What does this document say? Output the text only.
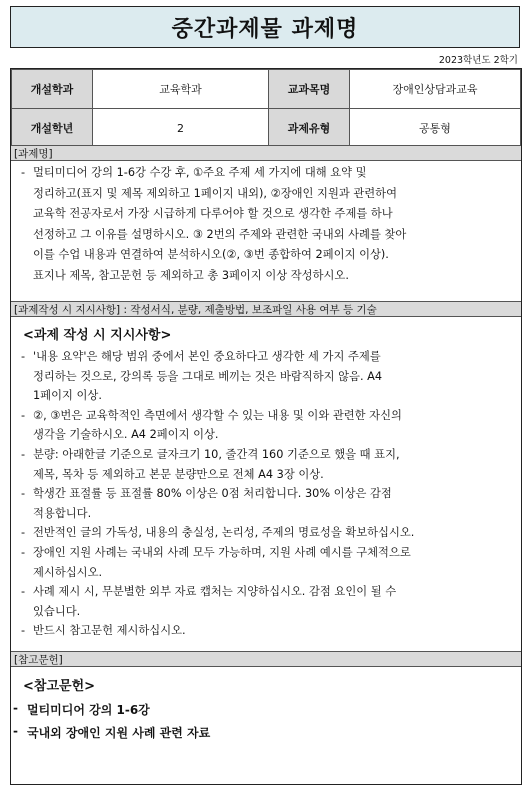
중간과제물 과제명
2023학년도 2학기
개설학과	교육학과	교과목명	장애인상담과교육
개설학년	2	과제유형	공통형
[과제명]
- 멀티미디어 강의 1-6강 수강 후, ①주요 주제 세 가지에 대해 요약 및
정리하고(표지 및 제목 제외하고 1페이지 내외), ②장애인 지원과 관련하여
교육학 전공자로서 가장 시급하게 다루어야 할 것으로 생각한 주제를 하나
선정하고 그 이유를 설명하시오. ③ 2번의 주제와 관련한 국내외 사례를 찾아
이를 수업 내용과 연결하여 분석하시오(②, ③번 종합하여 2페이지 이상).
표지나 제목, 참고문헌 등 제외하고 총 3페이지 이상 작성하시오.
[과제작성 시 지시사항] : 작성서식, 분량, 제출방법, 보조파일 사용 여부 등 기술
<과제 작성 시 지시사항>
- '내용 요약'은 해당 범위 중에서 본인 중요하다고 생각한 세 가지 주제를
정리하는 것으로, 강의록 등을 그대로 베끼는 것은 바람직하지 않음. A4
1페이지 이상.
- ②, ③번은 교육학적인 측면에서 생각할 수 있는 내용 및 이와 관련한 자신의
생각을 기술하시오. A4 2페이지 이상.
- 분량: 아래한글 기준으로 글자크기 10, 줄간격 160 기준으로 했을 때 표지,
제목, 목차 등 제외하고 본문 분량만으로 전체 A4 3장 이상.
- 학생간 표절률 등 표절률 80% 이상은 0점 처리합니다. 30% 이상은 감점
적용합니다.
- 전반적인 글의 가독성, 내용의 충실성, 논리성, 주제의 명료성을 확보하십시오.
- 장애인 지원 사례는 국내외 사례 모두 가능하며, 지원 사례 예시를 구체적으로
제시하십시오.
- 사례 제시 시, 무분별한 외부 자료 캡처는 지양하십시오. 감점 요인이 될 수
있습니다.
- 반드시 참고문헌 제시하십시오.
[참고문헌]
<참고문헌>
- 멀티미디어 강의 1-6강
- 국내외 장애인 지원 사례 관련 자료
